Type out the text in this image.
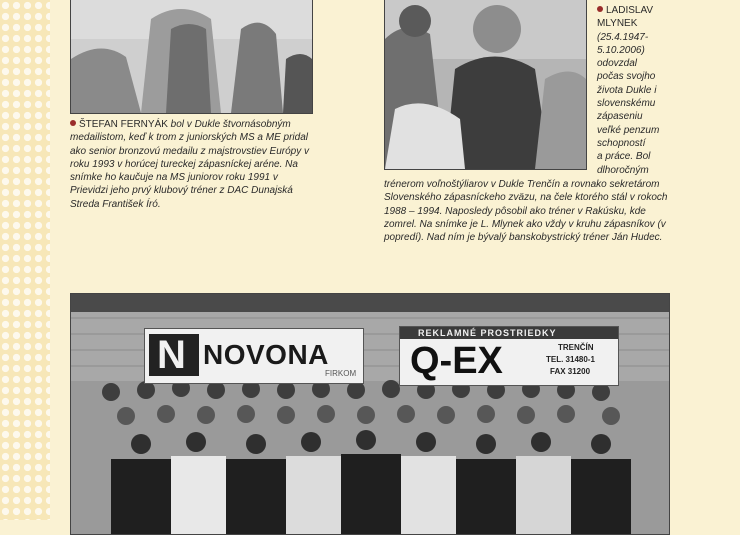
ŠTEFAN FERNYÁK bol v Dukle štvornásobným medailistom, keď k trom z juniorských MS a ME pridal ako senior bronzovú medailu z majstrovstiev Európy v roku 1993 v horúcej tureckej zápasníckej aréne. Na snímke ho kaučuje na MS juniorov roku 1991 v Prievidzi jeho prvý klubový tréner z DAC Dunajská Streda František Író.
LADISLAV
MLYNEK
(25.4.1947-
5.10.2006)
odovzdal
počas svojho
života Dukle i
slovenskému
zápaseniu
veľké penzum
schopností
a práce. Bol
dlhoročným
trénerom voľnoštýliarov v Dukle Trenčín a rovnako sekretárom Slovenského zápasníckeho zväzu, na čele ktorého stál v rokoch 1988 – 1994. Naposledy pôsobil ako tréner v Rakúsku, kde zomrel. Na snímke je L. Mlynek ako vždy v kruhu zápasníkov (v popredí). Nad ním je bývalý banskobystrický tréner Ján Hudec.
N NOVONA
FIRKOM
REKLAMNÉ PROSTRIEDKY
Q-EX	TRENČÍN
TEL. 31480-1
FAX 31200
